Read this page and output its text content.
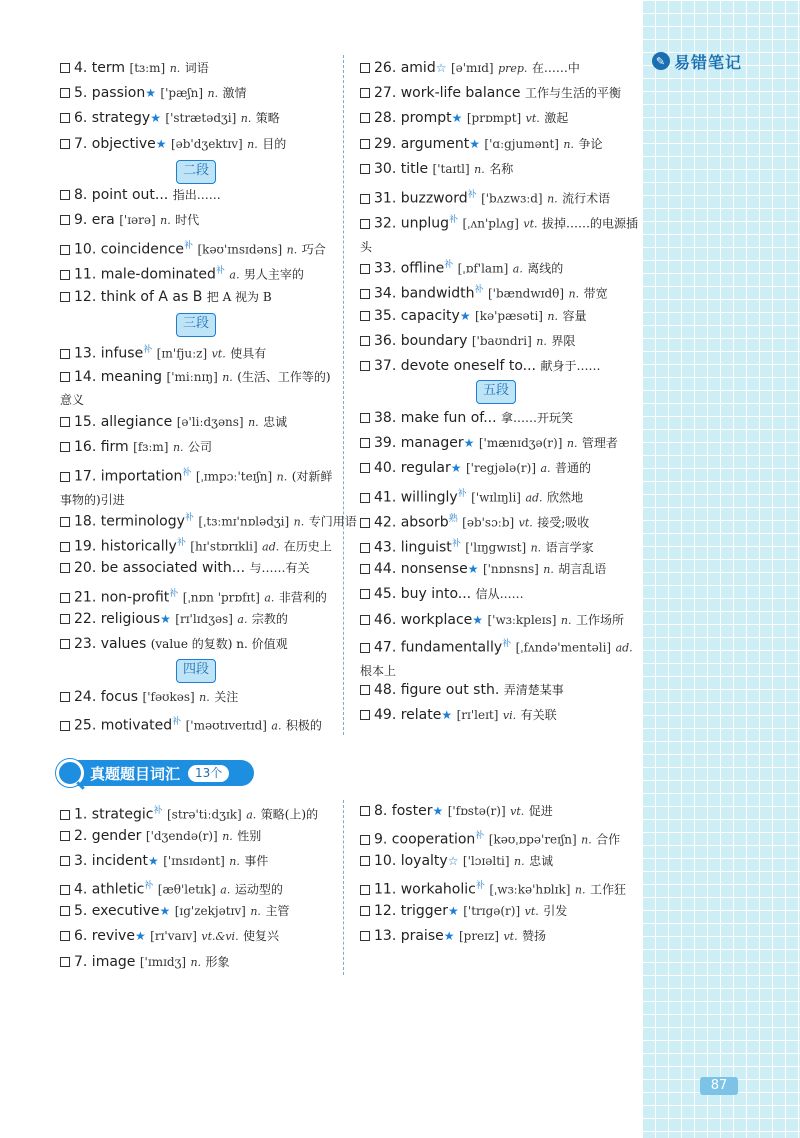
✎ 易错笔记
4. term [tɜːm] n. 词语
5. passion★ ['pæʃn] n. 激情
6. strategy★ ['strætədʒi] n. 策略
7. objective★ [əb'dʒektɪv] n. 目的
8. point out... 指出……
9. era ['ɪərə] n. 时代
10. coincidence$^补$ [kəʊ'ɪnsɪdəns] n. 巧合
11. male-dominated$^补$ a. 男人主宰的
12. think of A as B 把 A 视为 B
13. infuse$^补$ [ɪn'fjuːz] vt. 使具有
14. meaning ['miːnɪŋ] n. (生活、工作等的)意义
15. allegiance [ə'liːdʒəns] n. 忠诚
16. firm [fɜːm] n. 公司
17. importation$^补$ [ˌɪmpɔː'teɪʃn] n. (对新鲜事物的)引进
18. terminology$^补$ [ˌtɜːmɪ'nɒlədʒi] n. 专门用语
19. historically$^补$ [hɪ'stɒrɪkli] ad. 在历史上
20. be associated with... 与……有关
21. non-profit$^补$ [ˌnɒn 'prɒfɪt] a. 非营利的
22. religious★ [rɪ'lɪdʒəs] a. 宗教的
23. values (value 的复数) n. 价值观
24. focus ['fəʊkəs] n. 关注
25. motivated$^补$ ['məʊtɪveɪtɪd] a. 积极的
26. amid☆ [ə'mɪd] prep. 在……中
27. work-life balance 工作与生活的平衡
28. prompt★ [prɒmpt] vt. 激起
29. argument★ ['ɑːgjumənt] n. 争论
30. title ['taɪtl] n. 名称
31. buzzword$^补$ ['bʌzwɜːd] n. 流行术语
32. unplug$^补$ [ˌʌn'plʌg] vt. 拔掉……的电源插头
33. offline$^补$ [ˌɒf'laɪn] a. 离线的
34. bandwidth$^补$ ['bændwɪdθ] n. 带宽
35. capacity★ [kə'pæsəti] n. 容量
36. boundary ['baʊndri] n. 界限
37. devote oneself to... 献身于……
38. make fun of... 拿……开玩笑
39. manager★ ['mænɪdʒə(r)] n. 管理者
40. regular★ ['regjələ(r)] a. 普通的
41. willingly$^补$ ['wɪlɪŋli] ad. 欣然地
42. absorb$^熟$ [əb'sɔːb] vt. 接受;吸收
43. linguist$^补$ ['lɪŋgwɪst] n. 语言学家
44. nonsense★ ['nɒnsns] n. 胡言乱语
45. buy into... 信从……
46. workplace★ ['wɜːkpleɪs] n. 工作场所
47. fundamentally$^补$ [ˌfʌndə'mentəli] ad. 根本上
48. figure out sth. 弄清楚某事
49. relate★ [rɪ'leɪt] vi. 有关联
二段
三段
四段
五段
真题题目词汇	13个
1. strategic$^补$ [strə'tiːdʒɪk] a. 策略(上)的
2. gender ['dʒendə(r)] n. 性别
3. incident★ ['ɪnsɪdənt] n. 事件
4. athletic$^补$ [æθ'letɪk] a. 运动型的
5. executive★ [ɪg'zekjətɪv] n. 主管
6. revive★ [rɪ'vaɪv] vt.&vi. 使复兴
7. image ['ɪmɪdʒ] n. 形象
8. foster★ ['fɒstə(r)] vt. 促进
9. cooperation$^补$ [kəʊˌɒpə'reɪʃn] n. 合作
10. loyalty☆ ['lɔɪəlti] n. 忠诚
11. workaholic$^补$ [ˌwɜːkə'hɒlɪk] n. 工作狂
12. trigger★ ['trɪgə(r)] vt. 引发
13. praise★ [preɪz] vt. 赞扬
87
